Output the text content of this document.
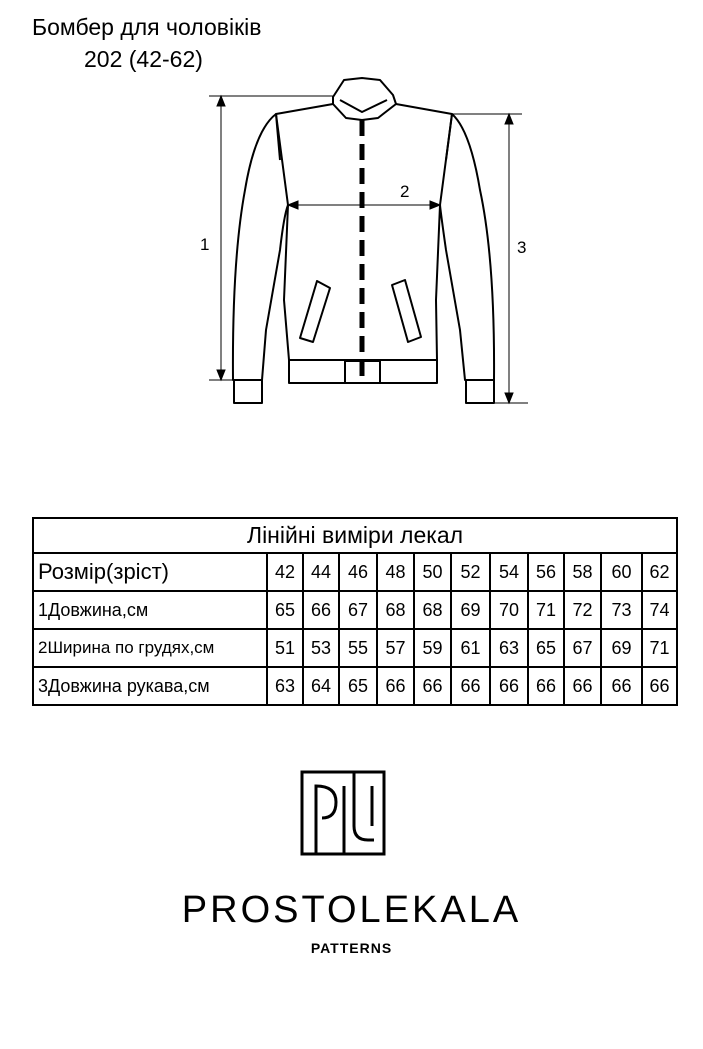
Бомбер для чоловіків
202 (42-62)
1
2
3
Лінійні виміри лекал											
Розмір(зріст)	42	44	46	48	50	52	54	56	58	60	62
1Довжина,см	65	66	67	68	68	69	70	71	72	73	74
2Ширина по грудях,см	51	53	55	57	59	61	63	65	67	69	71
3Довжина рукава,см	63	64	65	66	66	66	66	66	66	66	66
PROSTOLEKALA
PATTERNS
